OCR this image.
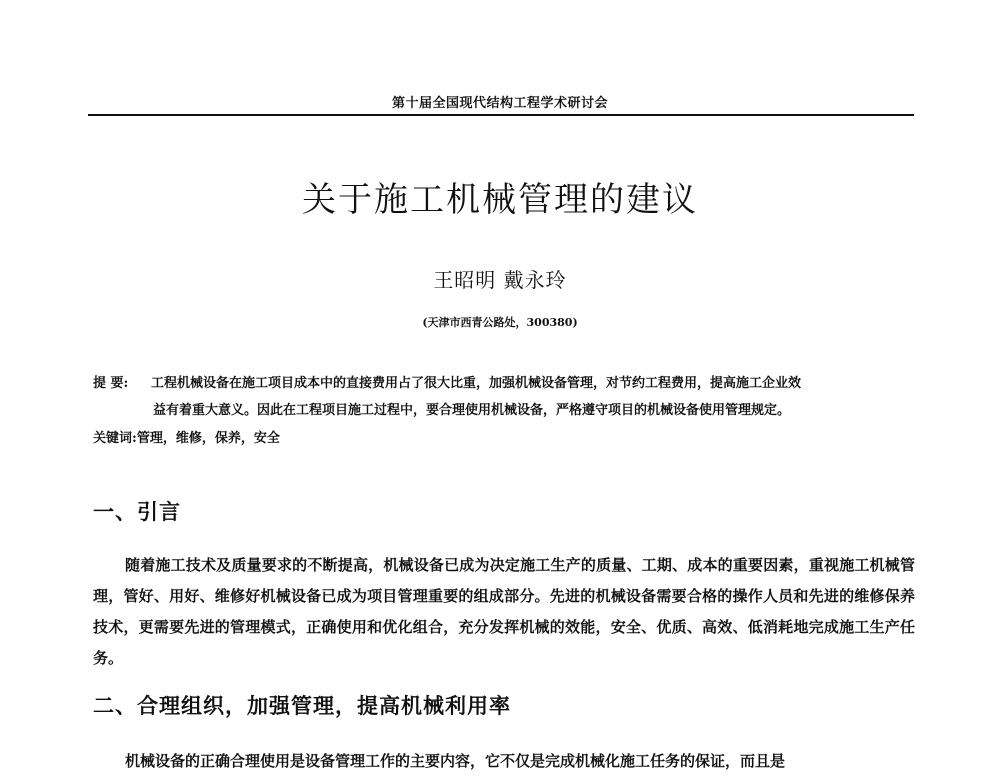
第十届全国现代结构工程学术研讨会
关于施工机械管理的建议
王昭明 戴永玲
(天津市西青公路处，300380)
提 要: 工程机械设备在施工项目成本中的直接费用占了很大比重，加强机械设备管理，对节约工程费用，提高施工企业效
益有着重大意义。因此在工程项目施工过程中，要合理使用机械设备，严格遵守项目的机械设备使用管理规定。
关键词:管理，维修，保养，安全
一、引言
随着施工技术及质量要求的不断提高，机械设备已成为决定施工生产的质量、工期、成本的重要因素，重视施工机械管理，管好、用好、维修好机械设备已成为项目管理重要的组成部分。先进的机械设备需要合格的操作人员和先进的维修保养技术，更需要先进的管理模式，正确使用和优化组合，充分发挥机械的效能，安全、优质、高效、低消耗地完成施工生产任务。
二、合理组织，加强管理，提高机械利用率
机械设备的正确合理使用是设备管理工作的主要内容，它不仅是完成机械化施工任务的保证，而且是
